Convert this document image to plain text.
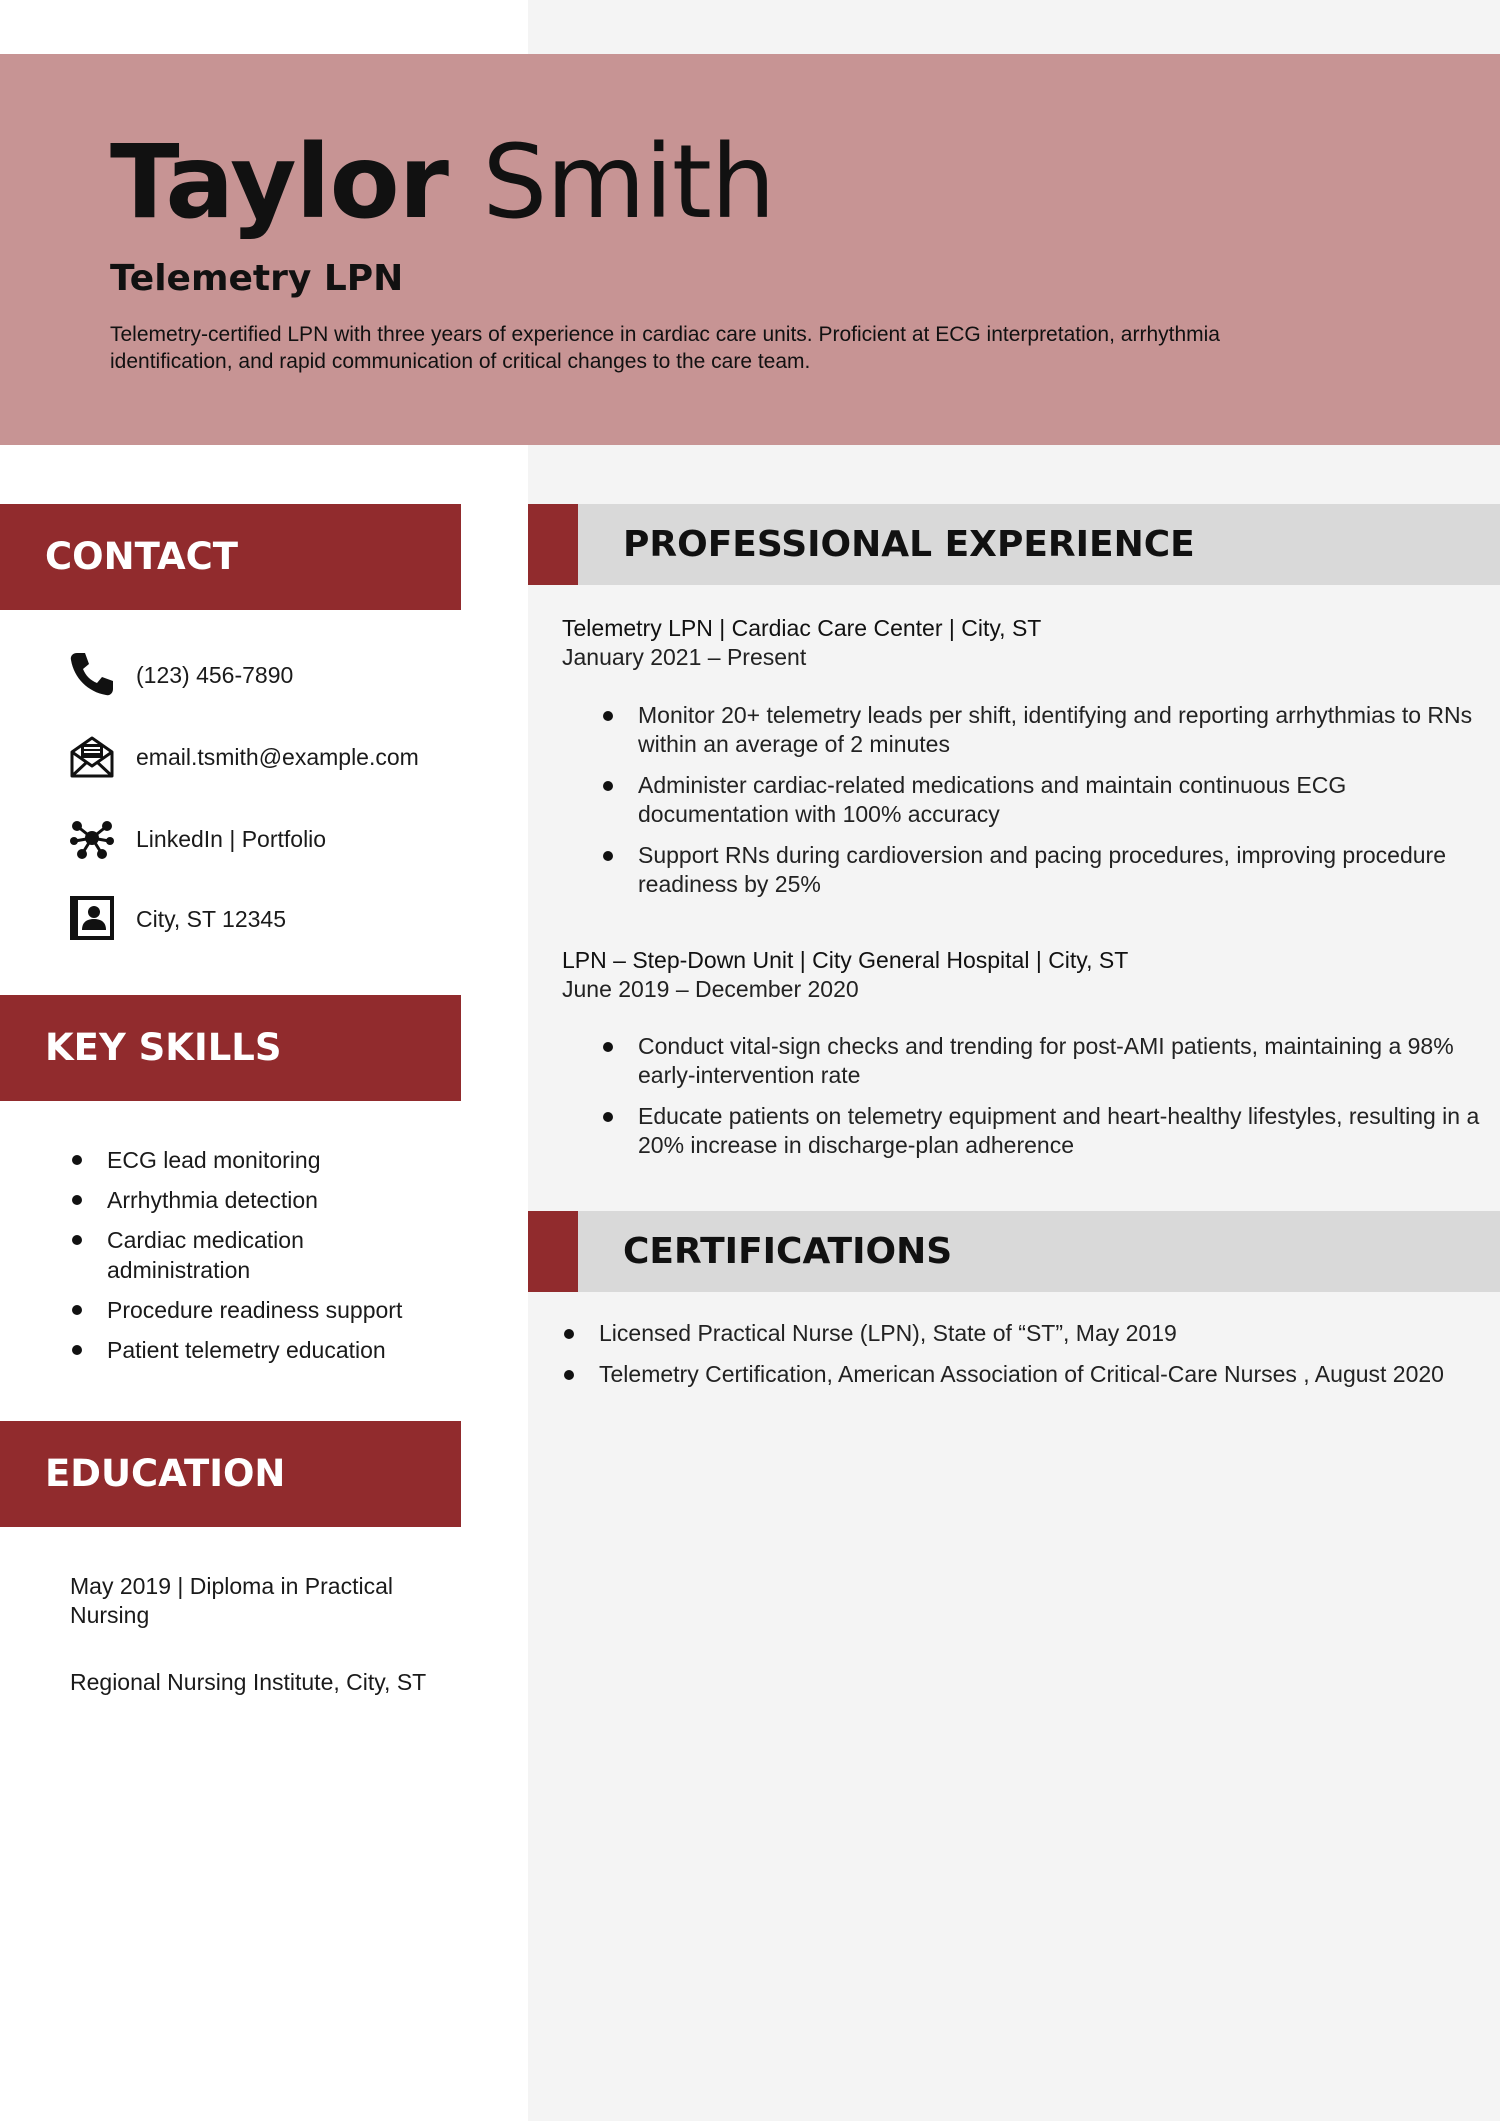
Taylor Smith
Telemetry LPN

Telemetry-certified LPN with three years of experience in cardiac care units. Proficient at ECG interpretation, arrhythmia identification, and rapid communication of critical changes to the care team.

CONTACT
(123) 456-7890
email.tsmith@example.com
LinkedIn | Portfolio
City, ST 12345
KEY SKILLS
ECG lead monitoring
Arrhythmia detection
Cardiac medication administration
Procedure readiness support
Patient telemetry education
EDUCATION

May 2019 | Diploma in Practical Nursing

Regional Nursing Institute, City, ST

PROFESSIONAL EXPERIENCE

Telemetry LPN | Cardiac Care Center | City, ST

January 2021 – Present

Monitor 20+ telemetry leads per shift, identifying and reporting arrhythmias to RNs within an average of 2 minutes
Administer cardiac-related medications and maintain continuous ECG documentation with 100% accuracy
Support RNs during cardioversion and pacing procedures, improving procedure readiness by 25%

LPN – Step-Down Unit | City General Hospital | City, ST

June 2019 – December 2020

Conduct vital-sign checks and trending for post-AMI patients, maintaining a 98% early-intervention rate
Educate patients on telemetry equipment and heart-healthy lifestyles, resulting in a 20% increase in discharge-plan adherence
CERTIFICATIONS
Licensed Practical Nurse (LPN), State of “ST”, May 2019
Telemetry Certification, American Association of Critical-Care Nurses , August 2020
